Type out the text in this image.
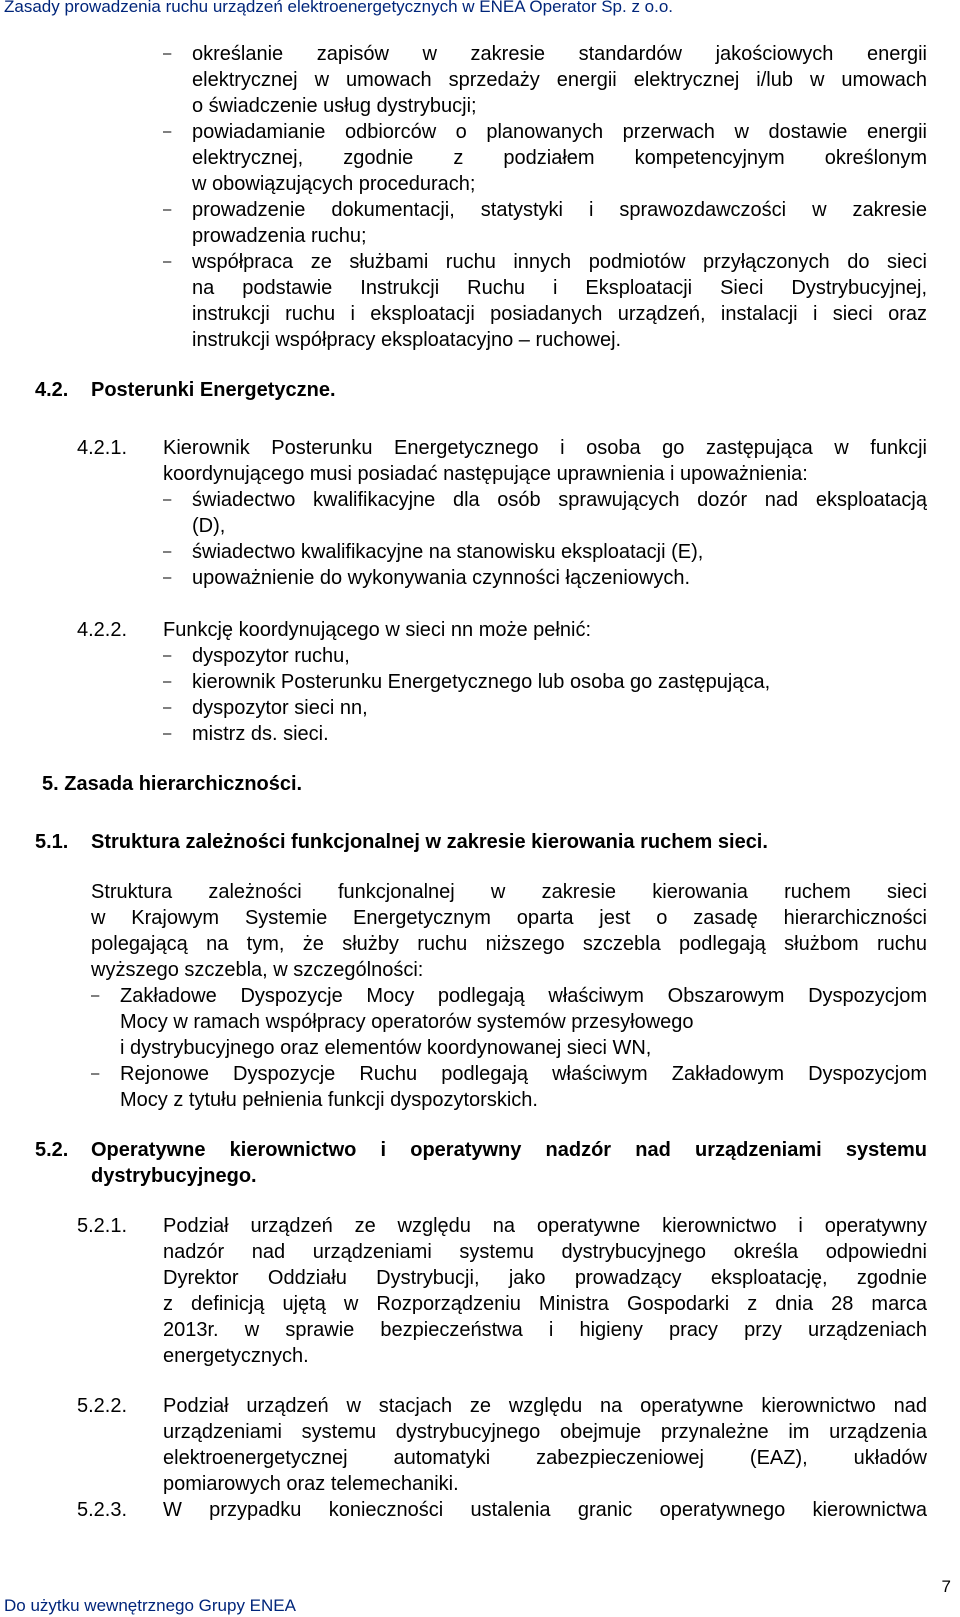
Zasady prowadzenia ruchu urządzeń elektroenergetycznych w ENEA Operator Sp. z o.o.
– określanie zapisów w zakresie standardów jakościowych energii
elektrycznej w umowach sprzedaży energii elektrycznej i/lub w umowach
o świadczenie usług dystrybucji;
– powiadamianie odbiorców o planowanych przerwach w dostawie energii
elektrycznej, zgodnie z podziałem kompetencyjnym określonym
w obowiązujących procedurach;
– prowadzenie dokumentacji, statystyki i sprawozdawczości w zakresie
prowadzenia ruchu;
– współpraca ze służbami ruchu innych podmiotów przyłączonych do sieci
na podstawie Instrukcji Ruchu i Eksploatacji Sieci Dystrybucyjnej,
instrukcji ruchu i eksploatacji posiadanych urządzeń, instalacji i sieci oraz
instrukcji współpracy eksploatacyjno – ruchowej.
4.2. Posterunki Energetyczne.
4.2.1. Kierownik Posterunku Energetycznego i osoba go zastępująca w funkcji
koordynującego musi posiadać następujące uprawnienia i upoważnienia:
– świadectwo kwalifikacyjne dla osób sprawujących dozór nad eksploatacją
(D),
– świadectwo kwalifikacyjne na stanowisku eksploatacji (E),
– upoważnienie do wykonywania czynności łączeniowych.
4.2.2. Funkcję koordynującego w sieci nn może pełnić:
– dyspozytor ruchu,
– kierownik Posterunku Energetycznego lub osoba go zastępująca,
– dyspozytor sieci nn,
– mistrz ds. sieci.
5. Zasada hierarchiczności.
5.1. Struktura zależności funkcjonalnej w zakresie kierowania ruchem sieci.
Struktura zależności funkcjonalnej w zakresie kierowania ruchem sieci
w Krajowym Systemie Energetycznym oparta jest o zasadę hierarchiczności
polegającą na tym, że służby ruchu niższego szczebla podlegają służbom ruchu
wyższego szczebla, w szczególności:
– Zakładowe Dyspozycje Mocy podlegają właściwym Obszarowym Dyspozycjom
Mocy w ramach współpracy operatorów systemów przesyłowego
i dystrybucyjnego oraz elementów koordynowanej sieci WN,
– Rejonowe Dyspozycje Ruchu podlegają właściwym Zakładowym Dyspozycjom
Mocy z tytułu pełnienia funkcji dyspozytorskich.
5.2. Operatywne kierownictwo i operatywny nadzór nad urządzeniami systemu
dystrybucyjnego.
5.2.1. Podział urządzeń ze względu na operatywne kierownictwo i operatywny
nadzór nad urządzeniami systemu dystrybucyjnego określa odpowiedni
Dyrektor Oddziału Dystrybucji, jako prowadzący eksploatację, zgodnie
z definicją ujętą w Rozporządzeniu Ministra Gospodarki z dnia 28 marca
2013r. w sprawie bezpieczeństwa i higieny pracy przy urządzeniach
energetycznych.
5.2.2. Podział urządzeń w stacjach ze względu na operatywne kierownictwo nad
urządzeniami systemu dystrybucyjnego obejmuje przynależne im urządzenia
elektroenergetycznej automatyki zabezpieczeniowej (EAZ), układów
pomiarowych oraz telemechaniki.
5.2.3. W przypadku konieczności ustalenia granic operatywnego kierownictwa
7
Do użytku wewnętrznego Grupy ENEA
